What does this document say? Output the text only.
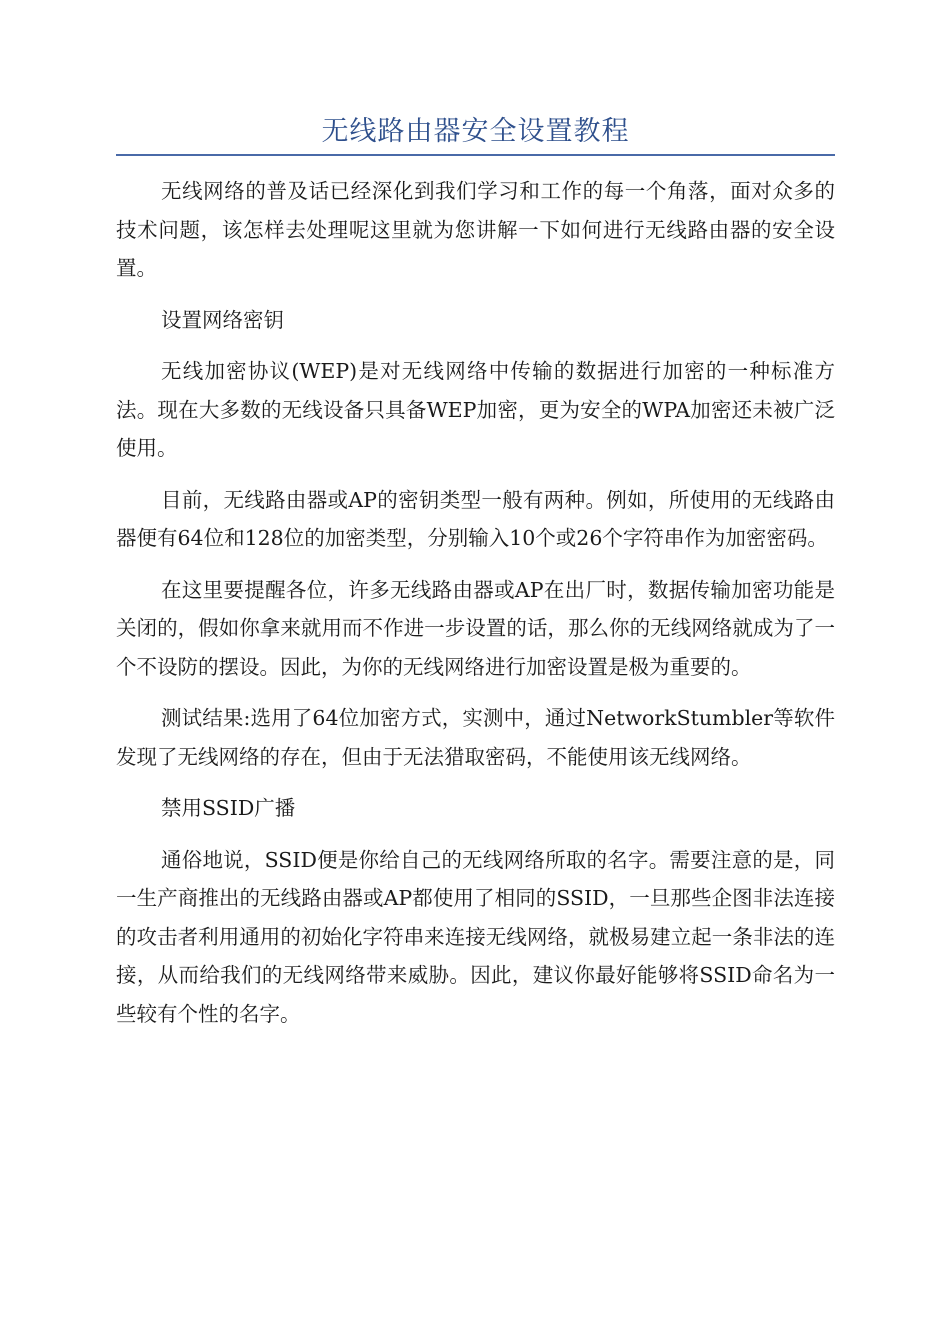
无线路由器安全设置教程

无线网络的普及话已经深化到我们学习和工作的每一个角落，面对众多的技术问题，该怎样去处理呢这里就为您讲解一下如何进行无线路由器的安全设置。

设置网络密钥

无线加密协议(WEP)是对无线网络中传输的数据进行加密的一种标准方法。现在大多数的无线设备只具备WEP加密，更为安全的WPA加密还未被广泛使用。

目前，无线路由器或AP的密钥类型一般有两种。例如，所使用的无线路由器便有64位和128位的加密类型，分别输入10个或26个字符串作为加密密码。

在这里要提醒各位，许多无线路由器或AP在出厂时，数据传输加密功能是关闭的，假如你拿来就用而不作进一步设置的话，那么你的无线网络就成为了一个不设防的摆设。因此，为你的无线网络进行加密设置是极为重要的。

测试结果:选用了64位加密方式，实测中，通过NetworkStumbler等软件发现了无线网络的存在，但由于无法猎取密码，不能使用该无线网络。

禁用SSID广播

通俗地说，SSID便是你给自己的无线网络所取的名字。需要注意的是，同一生产商推出的无线路由器或AP都使用了相同的SSID，一旦那些企图非法连接的攻击者利用通用的初始化字符串来连接无线网络，就极易建立起一条非法的连接，从而给我们的无线网络带来威胁。因此，建议你最好能够将SSID命名为一些较有个性的名字。
